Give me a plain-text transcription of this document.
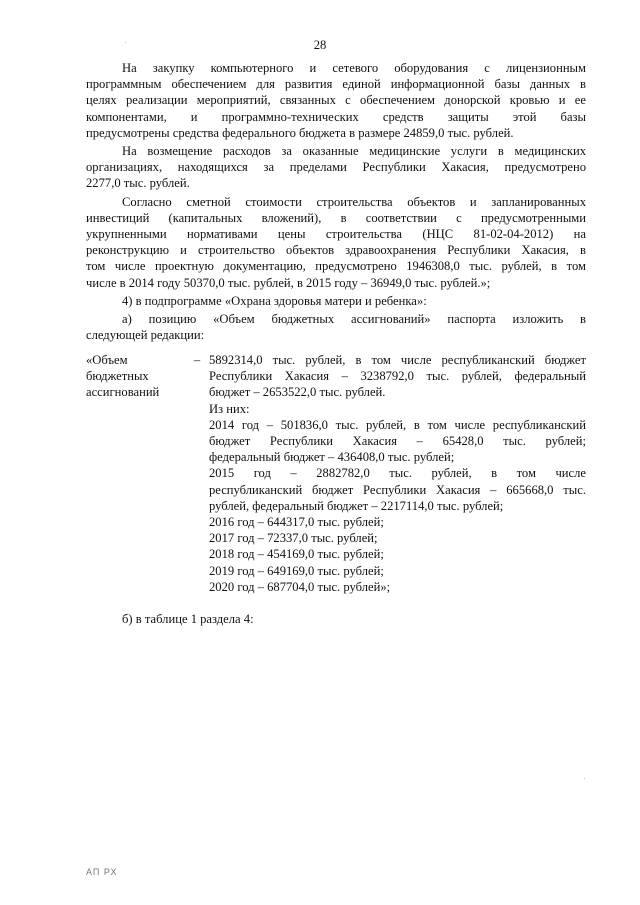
28
На закупку компьютерного и сетевого оборудования с лицензионным
программным обеспечением для развития единой информационной базы данных в
целях реализации мероприятий, связанных с обеспечением донорской кровью и ее
компонентами, и программно-технических средств защиты этой базы
предусмотрены средства федерального бюджета в размере 24859,0 тыс. рублей.
На возмещение расходов за оказанные медицинские услуги в медицинских
организациях, находящихся за пределами Республики Хакасия, предусмотрено
2277,0 тыс. рублей.
Согласно сметной стоимости строительства объектов и запланированных
инвестиций (капитальных вложений), в соответствии с предусмотренными
укрупненными нормативами цены строительства (НЦС 81-02-04-2012) на
реконструкцию и строительство объектов здравоохранения Республики Хакасия, в
том числе проектную документацию, предусмотрено 1946308,0 тыс. рублей, в том
числе в 2014 году 50370,0 тыс. рублей, в 2015 году – 36949,0 тыс. рублей.»;
4) в подпрограмме «Охрана здоровья матери и ребенка»:
а) позицию «Объем бюджетных ассигнований» паспорта изложить в
следующей редакции:
«Объем
бюджетных
ассигнований
– 5892314,0 тыс. рублей, в том числе республиканский бюджет
Республики Хакасия – 3238792,0 тыс. рублей, федеральный
бюджет – 2653522,0 тыс. рублей.
Из них:
2014 год – 501836,0 тыс. рублей, в том числе республиканский
бюджет Республики Хакасия – 65428,0 тыс. рублей;
федеральный бюджет – 436408,0 тыс. рублей;
2015 год – 2882782,0 тыс. рублей, в том числе
республиканский бюджет Республики Хакасия – 665668,0 тыс.
рублей, федеральный бюджет – 2217114,0 тыс. рублей;
2016 год – 644317,0 тыс. рублей;
2017 год – 72337,0 тыс. рублей;
2018 год – 454169,0 тыс. рублей;
2019 год – 649169,0 тыс. рублей;
2020 год – 687704,0 тыс. рублей»;
б) в таблице 1 раздела 4:
АП РХ
